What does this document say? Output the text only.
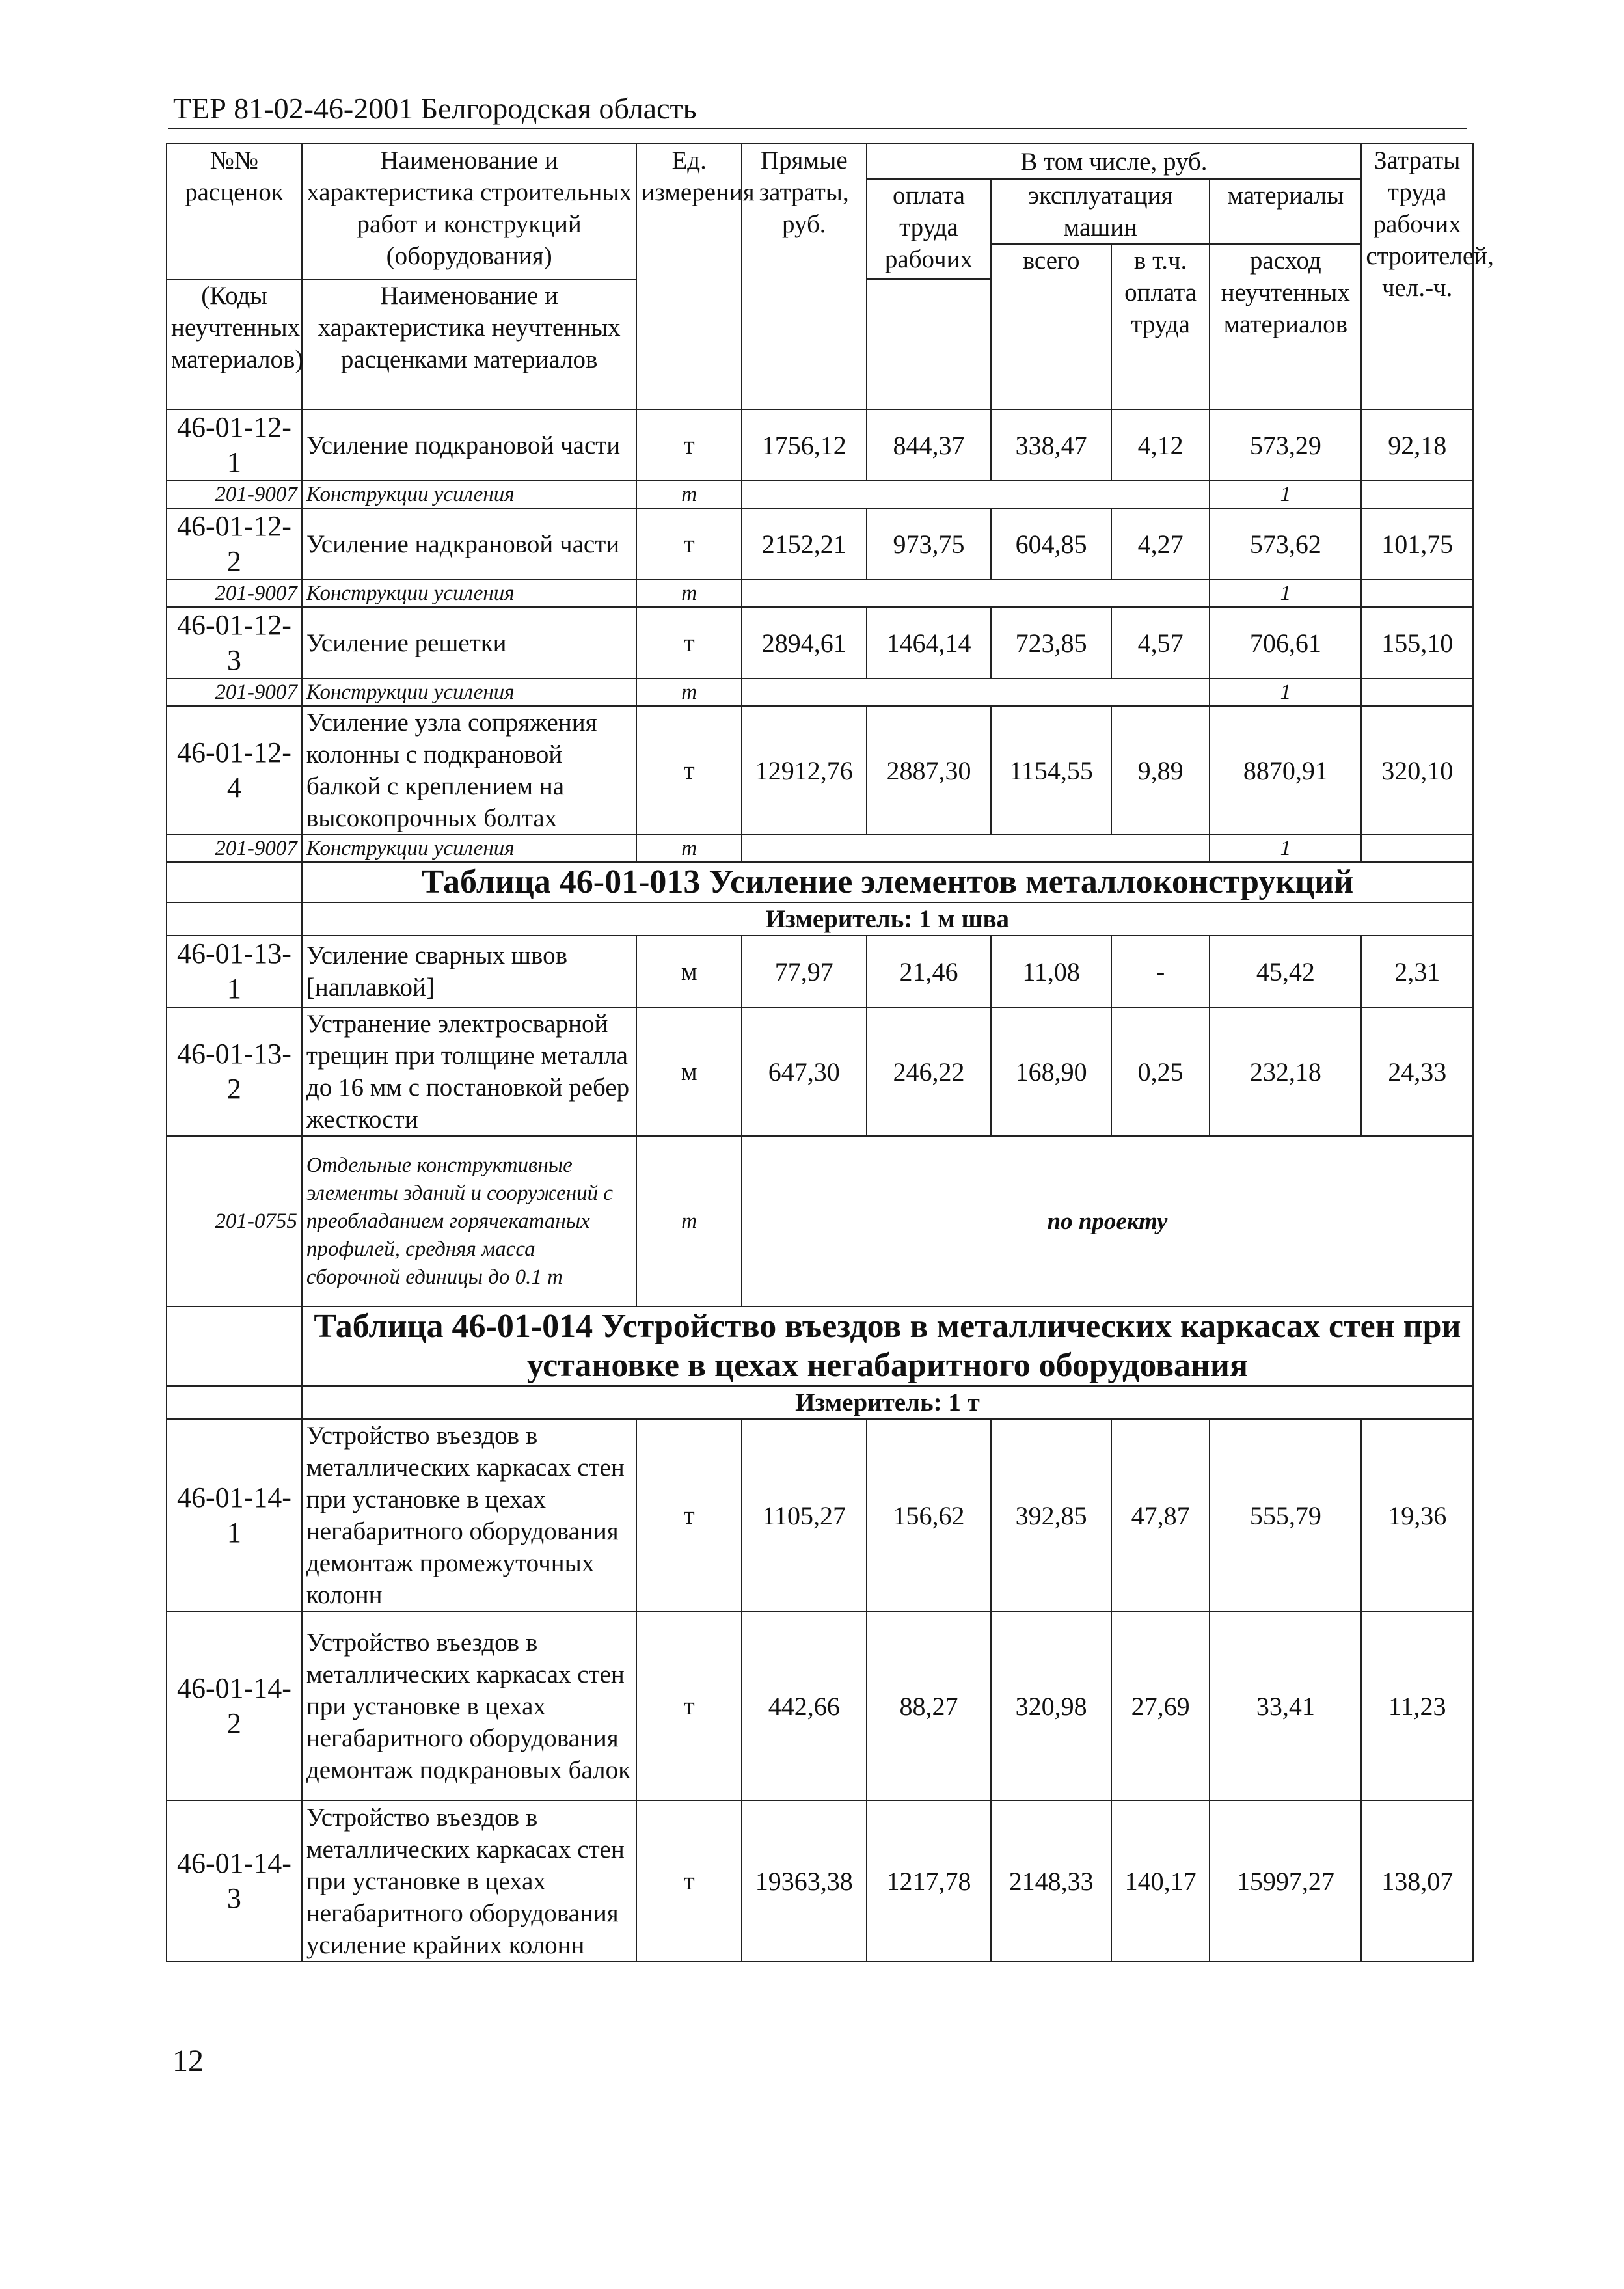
ТЕР 81-02-46-2001 Белгородская область
№№ расценок	Наименование и характеристика строительных работ и конструкций (оборудования)	Ед. измерения	Прямые затраты, руб.	В том числе, руб.				Затраты труда рабочих строителей, чел.-ч.
				оплата труда рабочих	эксплуатация машин		материалы	
					всего	в т.ч. оплата труда	расход неучтенных материалов	
(Коды неучтенных материалов)	Наименование и характеристика неучтенных расценками материалов							

46-01-12-1	Усиление подкрановой части	т	1756,12	844,37	338,47	4,12	573,29	92,18
201-9007	Конструкции усиления	т					1	
46-01-12-2	Усиление надкрановой части	т	2152,21	973,75	604,85	4,27	573,62	101,75
201-9007	Конструкции усиления	т					1	
46-01-12-3	Усиление решетки	т	2894,61	1464,14	723,85	4,57	706,61	155,10
201-9007	Конструкции усиления	т					1	
46-01-12-4	Усиление узла сопряжения колонны с подкрановой балкой с креплением на высокопрочных болтах	т	12912,76	2887,30	1154,55	9,89	8870,91	320,10
201-9007	Конструкции усиления	т					1	
	Таблица 46-01-013 Усиление элементов металлоконструкций							
	Измеритель: 1 м шва							
46-01-13-1	Усиление сварных швов [наплавкой]	м	77,97	21,46	11,08	-	45,42	2,31
46-01-13-2	Устранение электросварной трещин при толщине металла до 16 мм с постановкой ребер жесткости	м	647,30	246,22	168,90	0,25	232,18	24,33
201-0755	Отдельные конструктивные элементы зданий и сооружений с преобладанием горячекатаных профилей, средняя масса сборочной единицы до 0.1 т	т	по проекту					
	Таблица 46-01-014 Устройство въездов в металлических каркасах стен при установке в цехах негабаритного оборудования							
	Измеритель: 1 т							
46-01-14-1	Устройство въездов в металлических каркасах стен при установке в цехах негабаритного оборудования демонтаж промежуточных колонн	т	1105,27	156,62	392,85	47,87	555,79	19,36
46-01-14-2	Устройство въездов в металлических каркасах стен при установке в цехах негабаритного оборудования демонтаж подкрановых балок	т	442,66	88,27	320,98	27,69	33,41	11,23
46-01-14-3	Устройство въездов в металлических каркасах стен при установке в цехах негабаритного оборудования усиление крайних колонн	т	19363,38	1217,78	2148,33	140,17	15997,27	138,07
12
